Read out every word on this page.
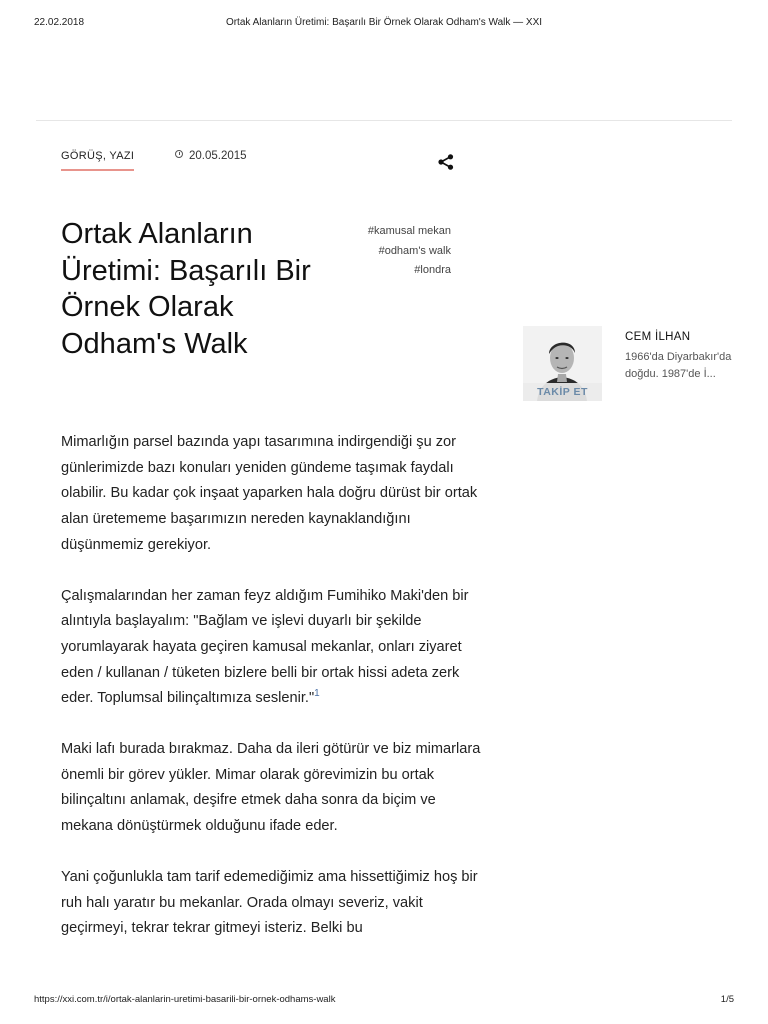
22.02.2018	Ortak Alanların Üretimi: Başarılı Bir Örnek Olarak Odham's Walk — XXI
GÖRÜŞ, YAZI	20.05.2015
Ortak Alanların Üretimi: Başarılı Bir Örnek Olarak Odham's Walk
#kamusal mekan
#odham's walk
#londra
TAKİP ET
CEM İLHAN
1966'da Diyarbakır'da doğdu. 1987'de İ...

Mimarlığın parsel bazında yapı tasarımına indirgendiği şu zor günlerimizde bazı konuları yeniden gündeme taşımak faydalı olabilir. Bu kadar çok inşaat yaparken hala doğru dürüst bir ortak alan üretememe başarımızın nereden kaynaklandığını düşünmemiz gerekiyor.

Çalışmalarından her zaman feyz aldığım Fumihiko Maki'den bir alıntıyla başlayalım: "Bağlam ve işlevi duyarlı bir şekilde yorumlayarak hayata geçiren kamusal mekanlar, onları ziyaret eden / kullanan / tüketen bizlere belli bir ortak hissi adeta zerk eder. Toplumsal bilinçaltımıza seslenir."$^1$

Maki lafı burada bırakmaz. Daha da ileri götürür ve biz mimarlara önemli bir görev yükler. Mimar olarak görevimizin bu ortak bilinçaltını anlamak, deşifre etmek daha sonra da biçim ve mekana dönüştürmek olduğunu ifade eder.

Yani çoğunlukla tam tarif edemediğimiz ama hissettiğimiz hoş bir ruh halı yaratır bu mekanlar. Orada olmayı severiz, vakit geçirmeyi, tekrar tekrar gitmeyi isteriz. Belki bu

https://xxi.com.tr/i/ortak-alanlarin-uretimi-basarili-bir-ornek-odhams-walk	1/5
